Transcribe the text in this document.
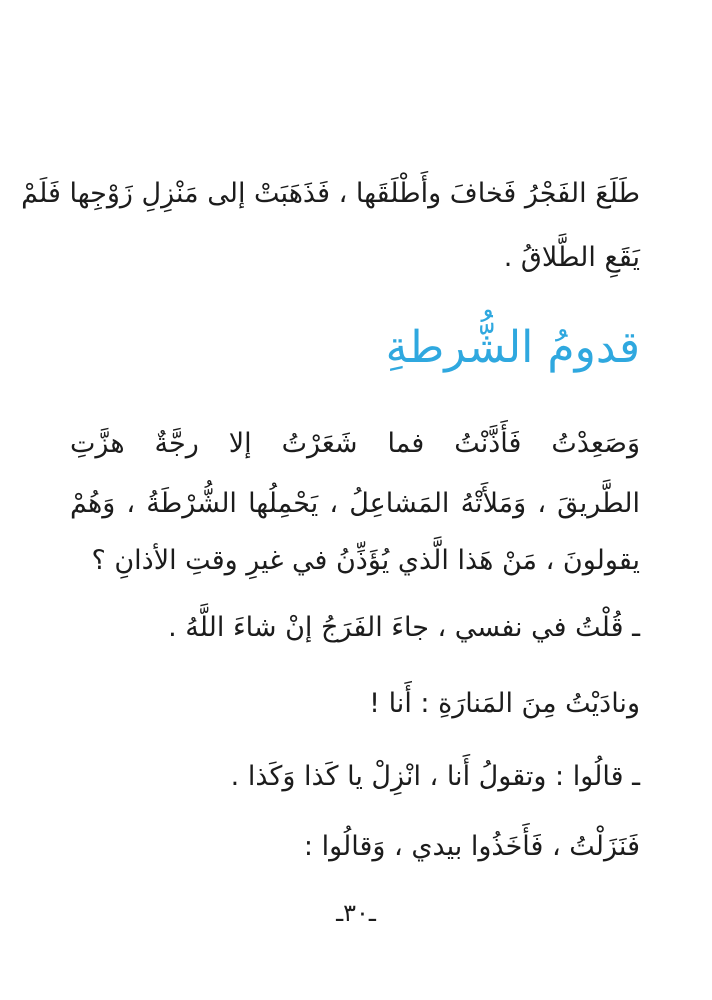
طَلَعَ الفَجْرُ فَخافَ وأَطْلَقَها ، فَذَهَبَتْ إلى مَنْزِلِ زَوْجِها فَلَمْ
يَقَعِ الطَّلاقُ .
قدومُ الشُّرطةِ
وَصَعِدْتُ فَأَذَّنْتُ فما شَعَرْتُ إلا رجَّةٌ هزَّتِ
الطَّريقَ ، وَمَلأَتْهُ المَشاعِلُ ، يَحْمِلُها الشُّرْطَةُ ، وَهُمْ
يقولونَ ، مَنْ هَذا الَّذي يُؤَذِّنُ في غيرِ وقتِ الأذانِ ؟
ـ قُلْتُ في نفسي ، جاءَ الفَرَجُ إنْ شاءَ اللَّهُ .
ونادَيْتُ مِنَ المَنارَةِ : أَنا !
ـ قالُوا : وتقولُ أَنا ، انْزِلْ يا كَذا وَكَذا .
فَنَزَلْتُ ، فَأَخَذُوا بيدي ، وَقالُوا :
ـ٣٠ـ
